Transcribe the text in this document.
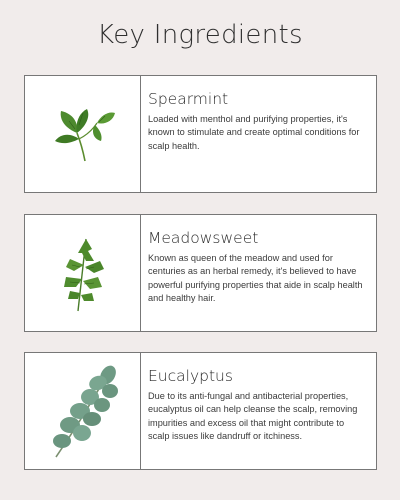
Key Ingredients
Spearmint
Loaded with menthol and purifying properties, it's known to stimulate and create optimal conditions for scalp health.
Meadowsweet
Known as queen of the meadow and used for centuries as an herbal remedy, it's believed to have powerful purifying properties that aide in scalp health and healthy hair.
Eucalyptus
Due to its anti-fungal and antibacterial properties, eucalyptus oil can help cleanse the scalp, removing impurities and excess oil that might contribute to scalp issues like dandruff or itchiness.
